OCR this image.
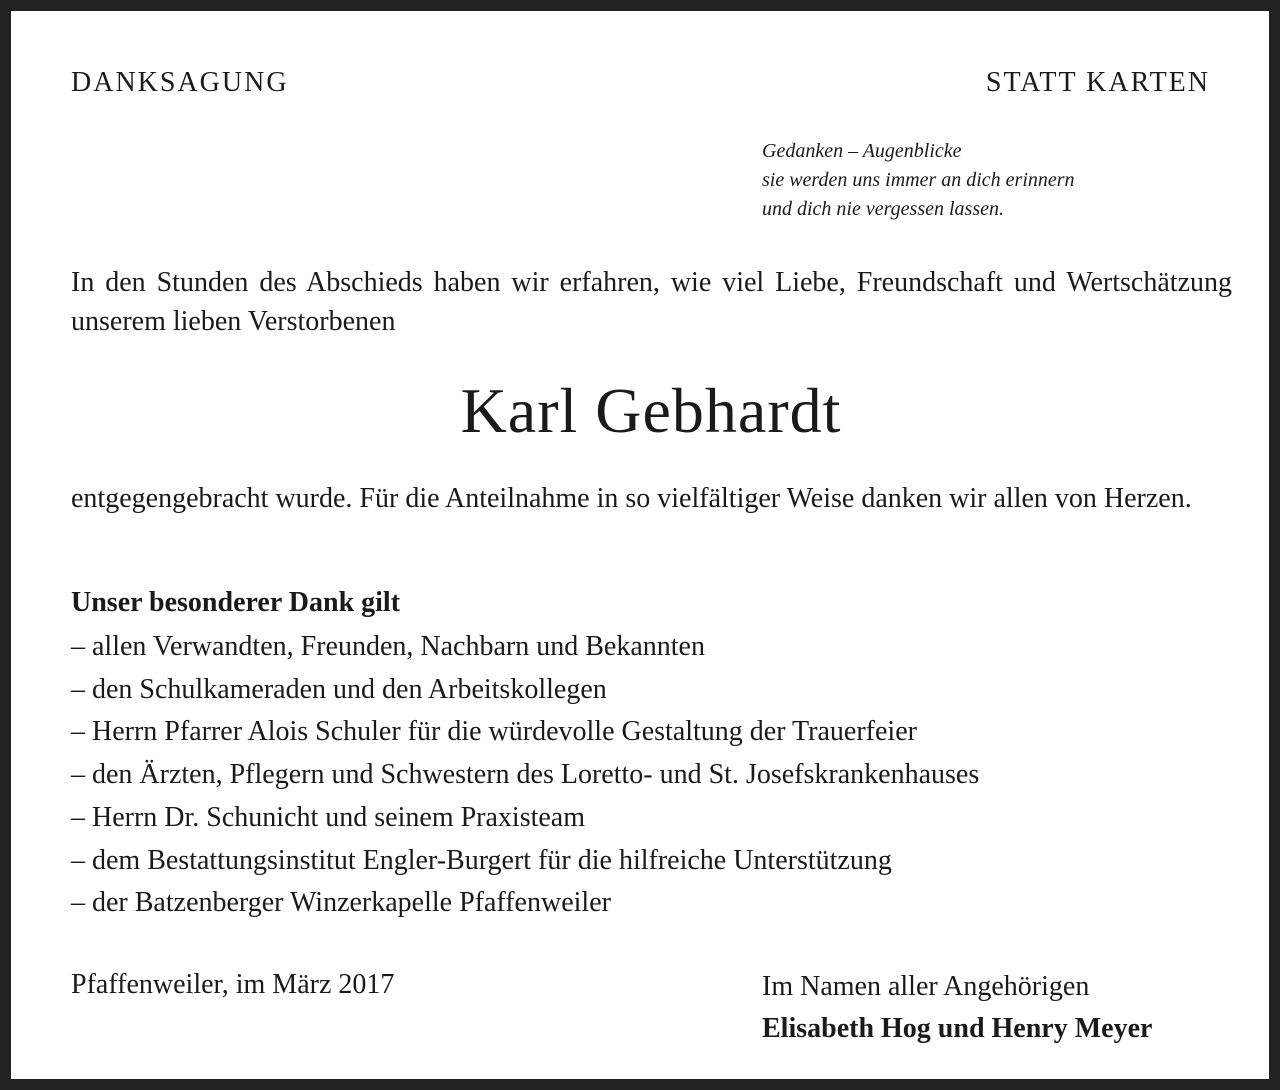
DANKSAGUNG	STATT KARTEN
Gedanken – Augenblicke
sie werden uns immer an dich erinnern
und dich nie vergessen lassen.
In den Stunden des Abschieds haben wir erfahren, wie viel Liebe, Freundschaft und Wertschätzung unserem lieben Verstorbenen
Karl Gebhardt
entgegengebracht wurde. Für die Anteilnahme in so vielfältiger Weise danken wir allen von Herzen.
Unser besonderer Dank gilt
– allen Verwandten, Freunden, Nachbarn und Bekannten
– den Schulkameraden und den Arbeitskollegen
– Herrn Pfarrer Alois Schuler für die würdevolle Gestaltung der Trauerfeier
– den Ärzten, Pflegern und Schwestern des Loretto- und St. Josefskrankenhauses
– Herrn Dr. Schunicht und seinem Praxisteam
– dem Bestattungsinstitut Engler-Burgert für die hilfreiche Unterstützung
– der Batzenberger Winzerkapelle Pfaffenweiler
Pfaffenweiler, im März 2017	Im Namen aller Angehörigen
Elisabeth Hog und Henry Meyer
